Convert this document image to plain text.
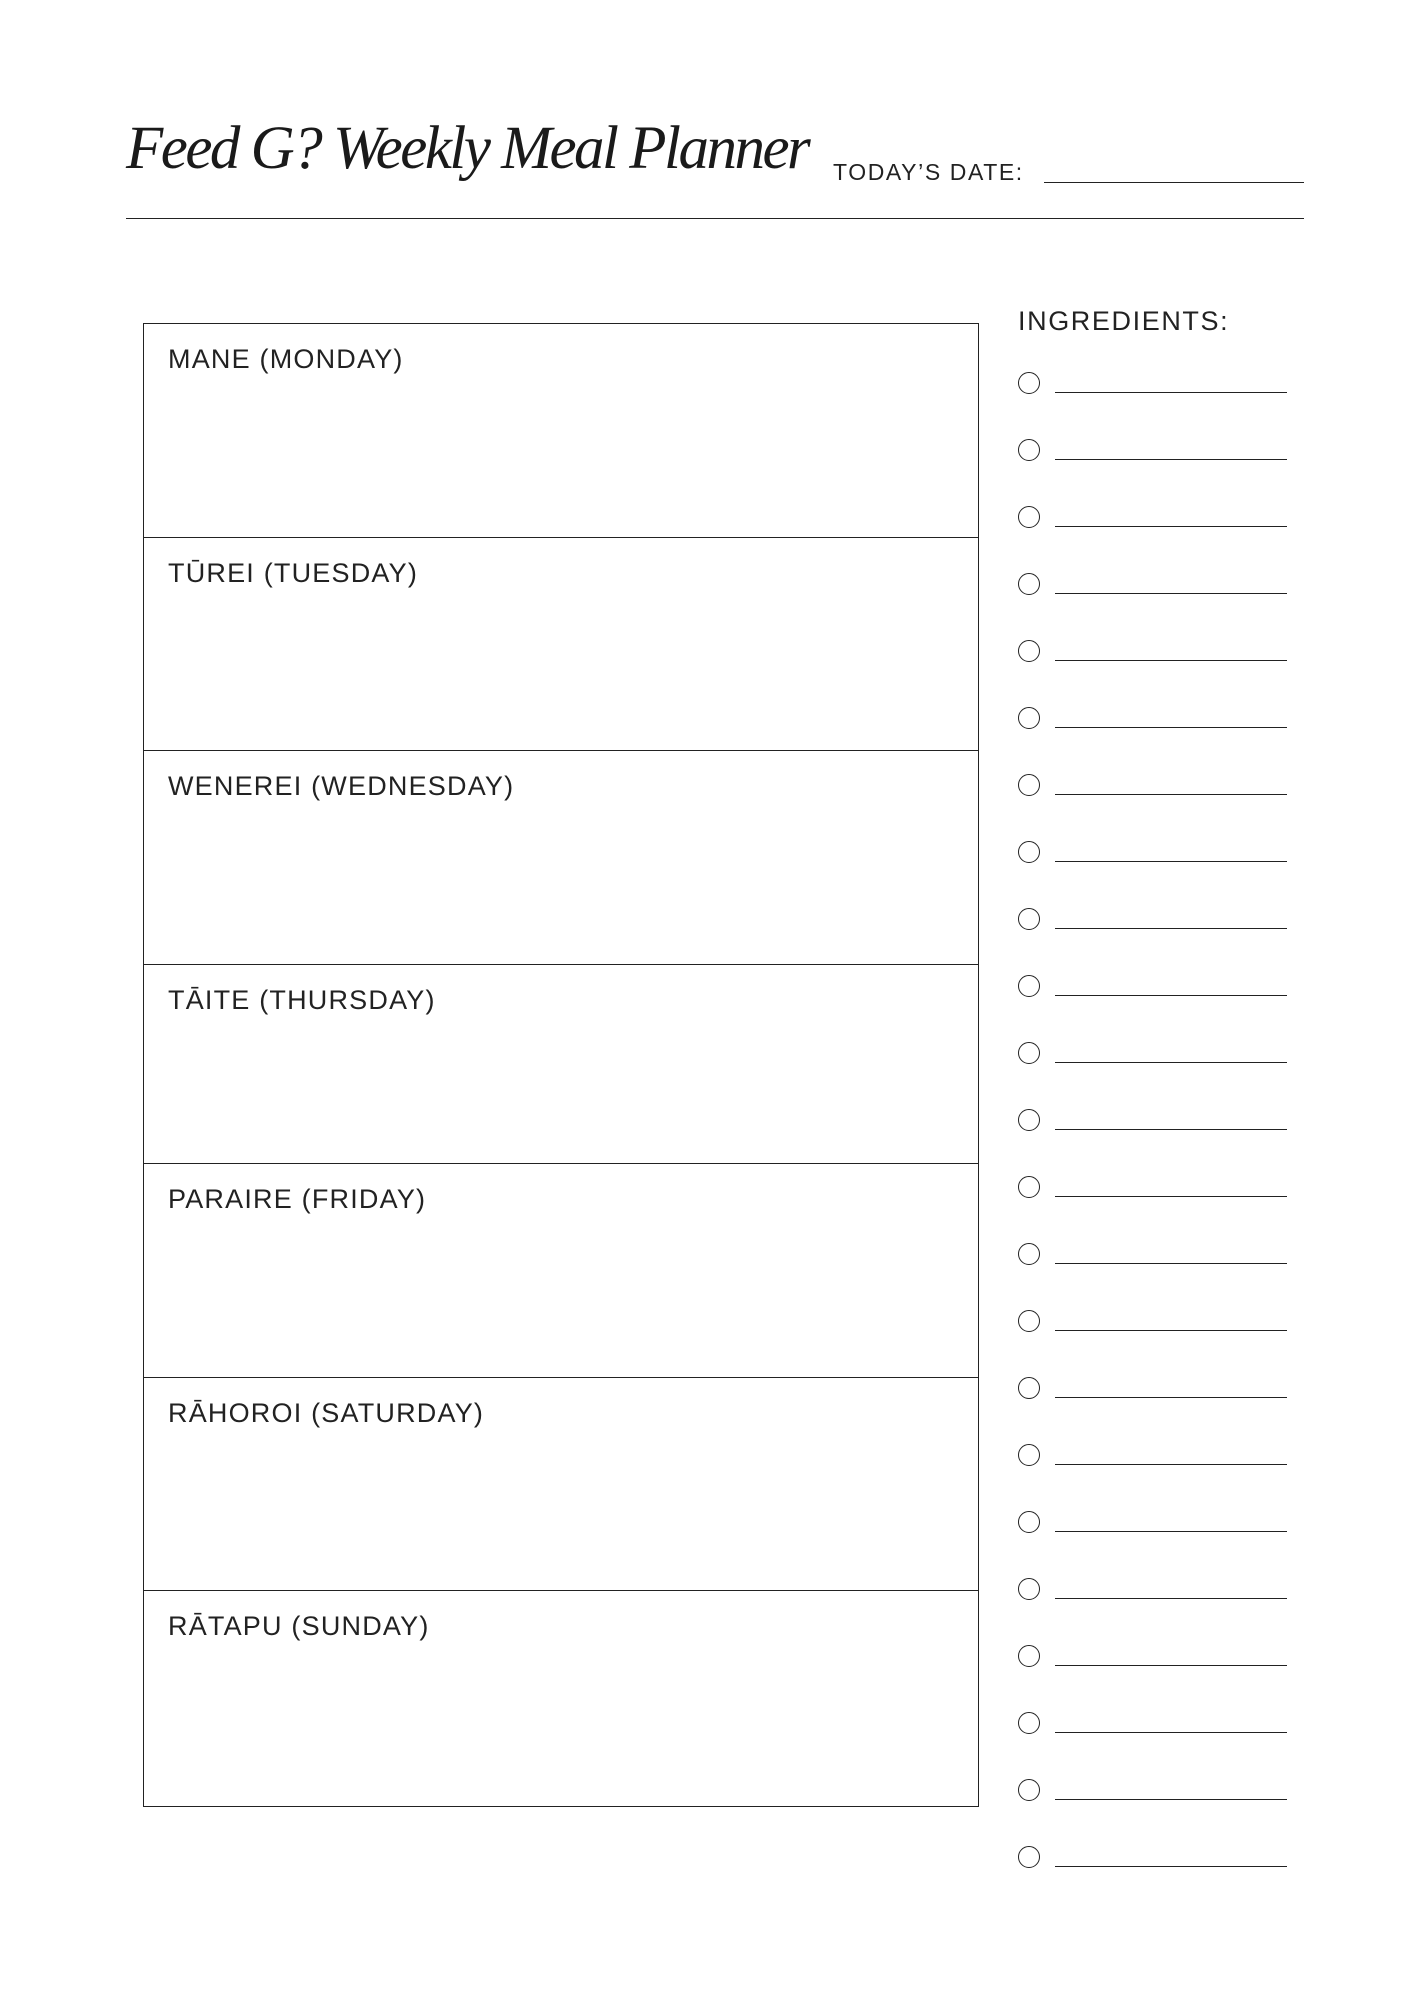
Feed G? Weekly Meal Planner TODAY’S DATE:
MANE (MONDAY)
TŪREI (TUESDAY)
WENEREI (WEDNESDAY)
TĀITE (THURSDAY)
PARAIRE (FRIDAY)
RĀHOROI (SATURDAY)
RĀTAPU (SUNDAY)
INGREDIENTS:
